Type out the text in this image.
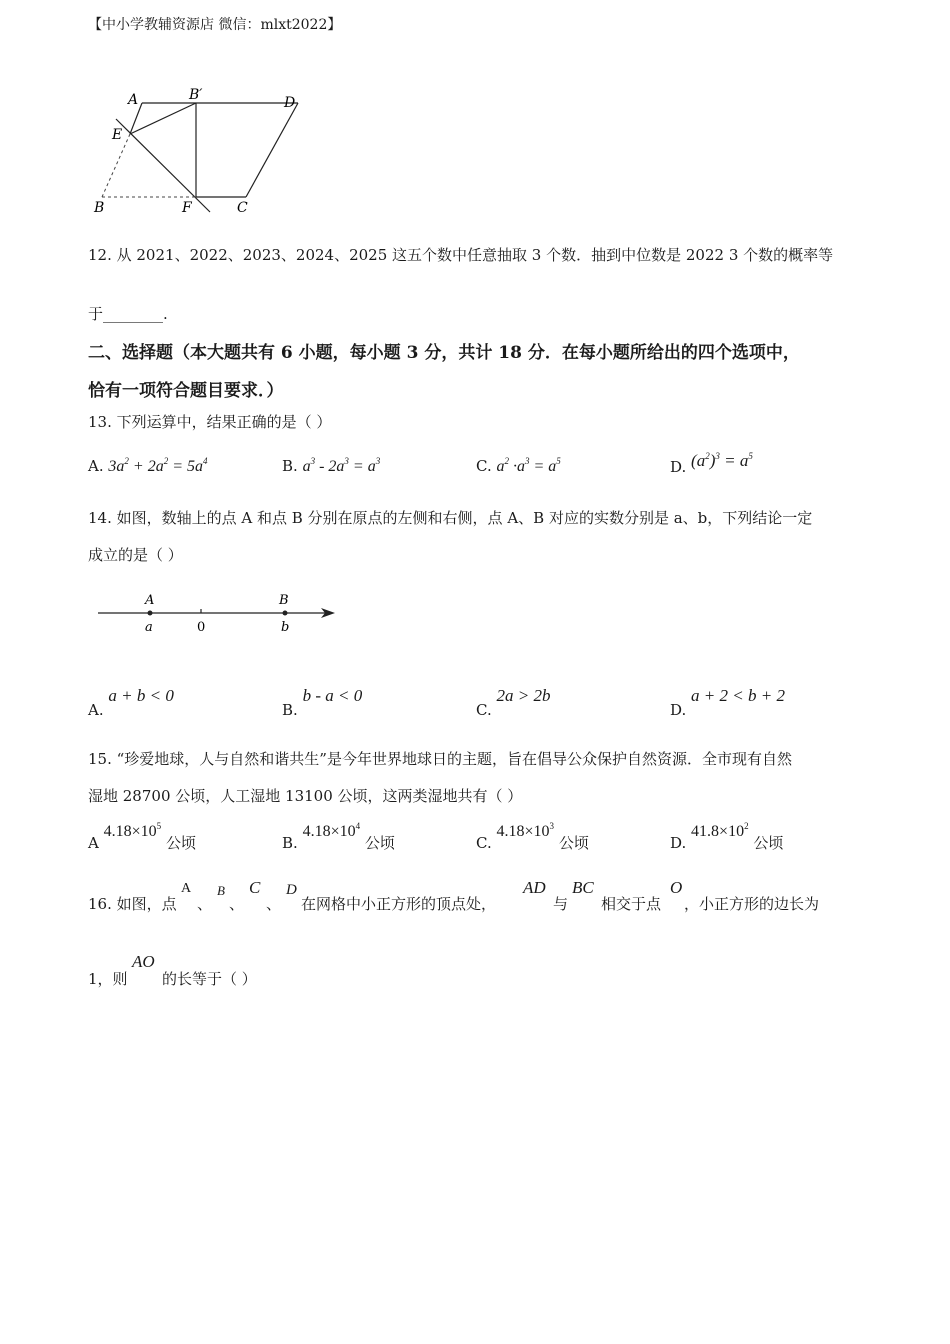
【中小学教辅资源店 微信：mlxt2022】
A	B′	D
E
B	F	C
12. 从 2021、2022、2023、2024、2025 这五个数中任意抽取 3 个数．抽到中位数是 2022 3 个数的概率等
于________.
二、选择题（本大题共有 6 小题，每小题 3 分，共计 18 分．在每小题所给出的四个选项中，
恰有一项符合题目要求．）
13. 下列运算中，结果正确的是（ ）
A. $3a^2 + 2a^2 = 5a^4$	B. $a^3 - 2a^3 = a^3$	C. $a^2 \cdot a^3 = a^5$	D. $(a^2)^3 = a^5$
14. 如图，数轴上的点 A 和点 B 分别在原点的左侧和右侧，点 A、B 对应的实数分别是 a、b，下列结论一定
成立的是（ ）
A	B
a	0	b
A. a + b < 0
B. b - a < 0
C. 2a > 2b
D. a + 2 < b + 2
15. “珍爱地球，人与自然和谐共生”是今年世界地球日的主题，旨在倡导公众保护自然资源．全市现有自然
湿地 28700 公顷，人工湿地 13100 公顷，这两类湿地共有（ ）
A $4.18\times 10^5$ 公顷	B. $4.18\times 10^4$ 公顷	C. $4.18\times 10^3$ 公顷	D. $41.8\times 10^2$ 公顷
16. 如图，点
A
、
B
、
C
、
D
在网格中小正方形的顶点处，
AD
与
BC
相交于点
O
，小正方形的边长为
1，则
AO
的长等于（ ）
